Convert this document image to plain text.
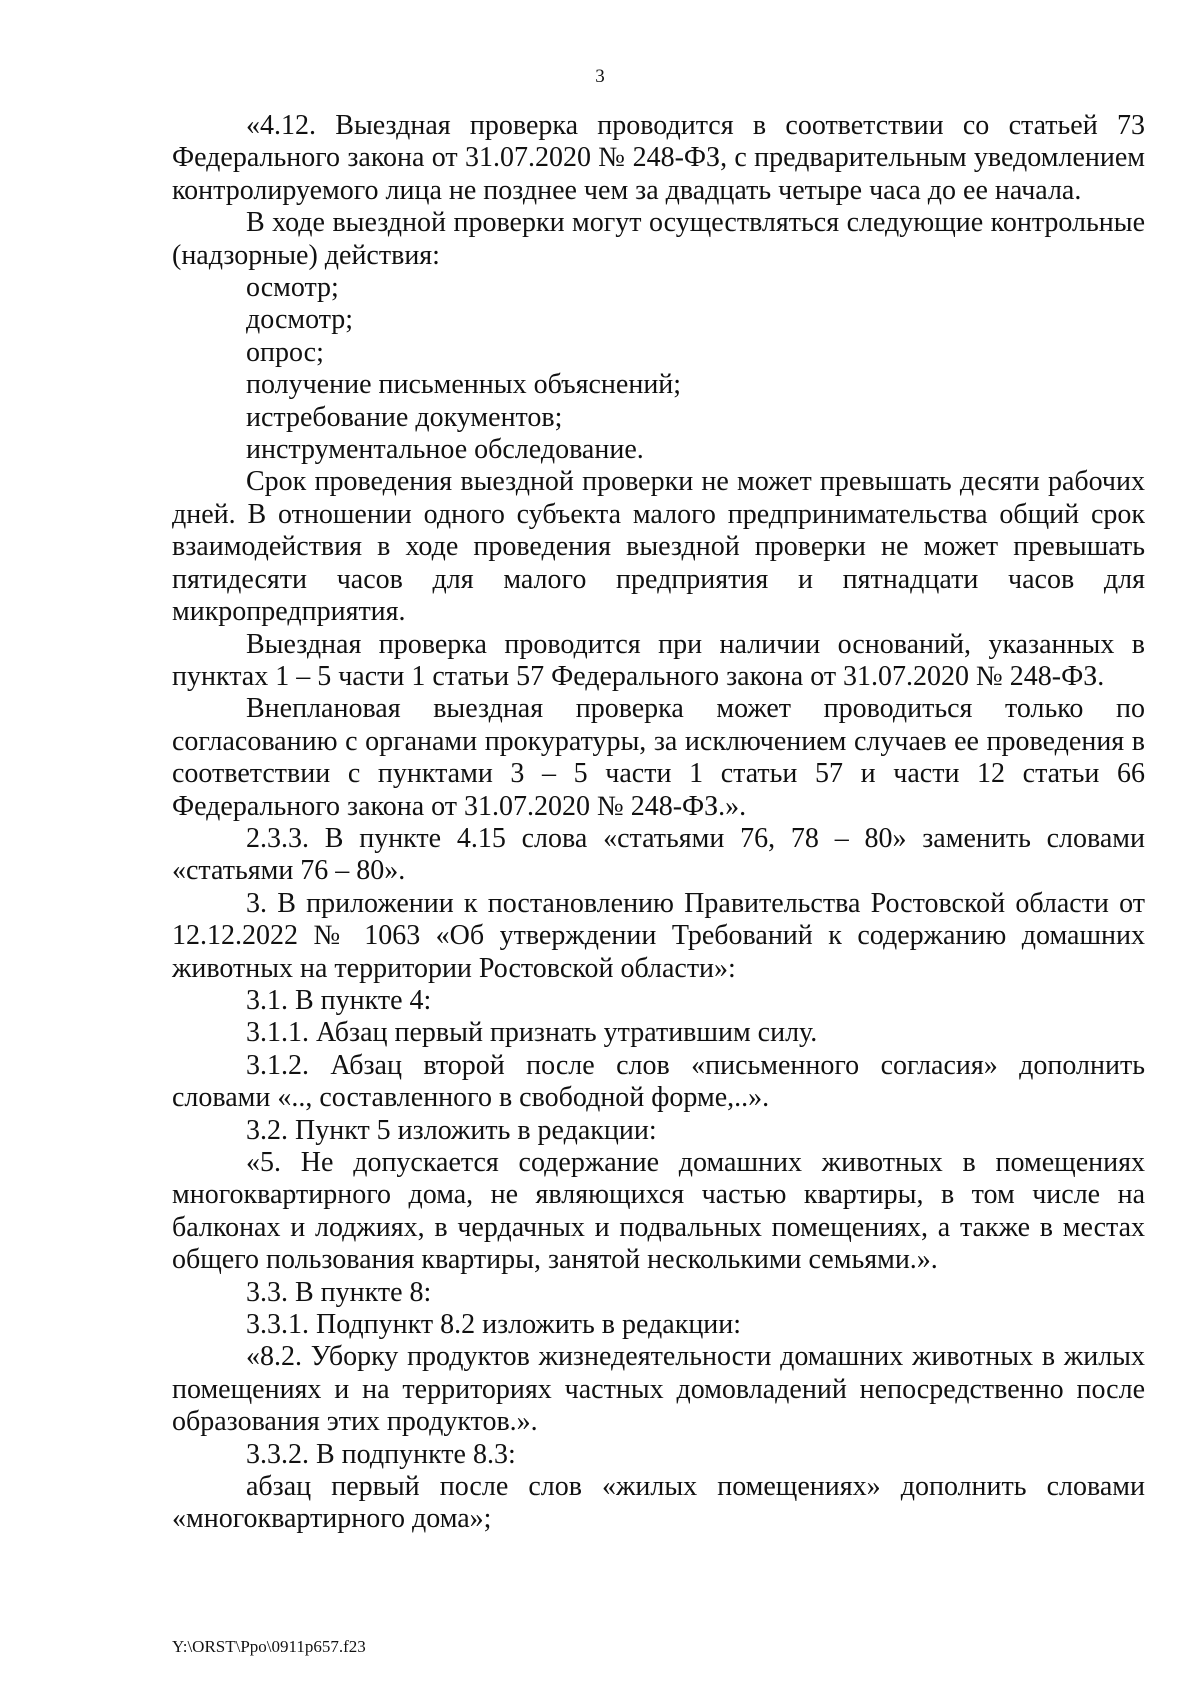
3

«4.12. Выездная проверка проводится в соответствии со статьей 73 Федерального закона от 31.07.2020 № 248-ФЗ, с предварительным уведомлением контролируемого лица не позднее чем за двадцать четыре часа до ее начала.

В ходе выездной проверки могут осуществляться следующие контрольные (надзорные) действия:

осмотр;

досмотр;

опрос;

получение письменных объяснений;

истребование документов;

инструментальное обследование.

Срок проведения выездной проверки не может превышать десяти рабочих дней. В отношении одного субъекта малого предпринимательства общий срок взаимодействия в ходе проведения выездной проверки не может превышать пятидесяти часов для малого предприятия и пятнадцати часов для микропредприятия.

Выездная проверка проводится при наличии оснований, указанных в пунктах 1 – 5 части 1 статьи 57 Федерального закона от 31.07.2020 № 248-ФЗ.

Внеплановая выездная проверка может проводиться только по согласованию с органами прокуратуры, за исключением случаев ее проведения в соответствии с пунктами 3 – 5 части 1 статьи 57 и части 12 статьи 66 Федерального закона от 31.07.2020 № 248-ФЗ.».

2.3.3. В пункте 4.15 слова «статьями 76, 78 – 80» заменить словами «статьями 76 – 80».

3. В приложении к постановлению Правительства Ростовской области от 12.12.2022 № 1063 «Об утверждении Требований к содержанию домашних животных на территории Ростовской области»:

3.1. В пункте 4:

3.1.1. Абзац первый признать утратившим силу.

3.1.2. Абзац второй после слов «письменного согласия» дополнить словами «.., составленного в свободной форме,..».

3.2. Пункт 5 изложить в редакции:

«5. Не допускается содержание домашних животных в помещениях многоквартирного дома, не являющихся частью квартиры, в том числе на балконах и лоджиях, в чердачных и подвальных помещениях, а также в местах общего пользования квартиры, занятой несколькими семьями.».

3.3. В пункте 8:

3.3.1. Подпункт 8.2 изложить в редакции:

«8.2. Уборку продуктов жизнедеятельности домашних животных в жилых помещениях и на территориях частных домовладений непосредственно после образования этих продуктов.».

3.3.2. В подпункте 8.3:

абзац первый после слов «жилых помещениях» дополнить словами «многоквартирного дома»;

Y:\ORST\Ppo\0911p657.f23
